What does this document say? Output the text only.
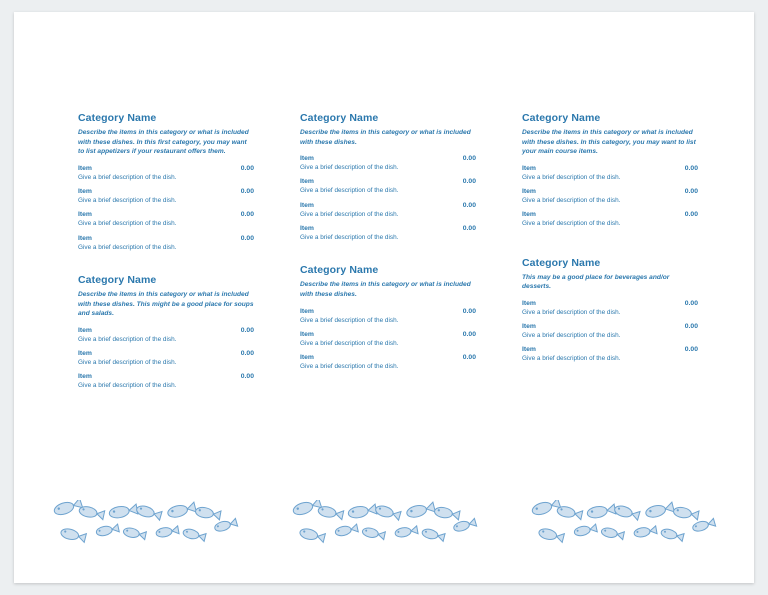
Category Name
Describe the items in this category or what is included with these dishes. In this first category, you may want to list appetizers if your restaurant offers them.
Item	0.00
Give a brief description of the dish.
Item	0.00
Give a brief description of the dish.
Item	0.00
Give a brief description of the dish.
Item	0.00
Give a brief description of the dish.
Category Name
Describe the items in this category or what is included with these dishes. This might be a good place for soups and salads.
Item	0.00
Give a brief description of the dish.
Item	0.00
Give a brief description of the dish.
Item	0.00
Give a brief description of the dish.
Category Name
Describe the items in this category or what is included with these dishes.
Item	0.00
Give a brief description of the dish.
Item	0.00
Give a brief description of the dish.
Item	0.00
Give a brief description of the dish.
Item	0.00
Give a brief description of the dish.
Category Name
Describe the items in this category or what is included with these dishes.
Item	0.00
Give a brief description of the dish.
Item	0.00
Give a brief description of the dish.
Item	0.00
Give a brief description of the dish.
Category Name
Describe the items in this category or what is included with these dishes. In this category, you may want to list your main course items.
Item	0.00
Give a brief description of the dish.
Item	0.00
Give a brief description of the dish.
Item	0.00
Give a brief description of the dish.
Category Name
This may be a good place for beverages and/or desserts.
Item	0.00
Give a brief description of the dish.
Item	0.00
Give a brief description of the dish.
Item	0.00
Give a brief description of the dish.
